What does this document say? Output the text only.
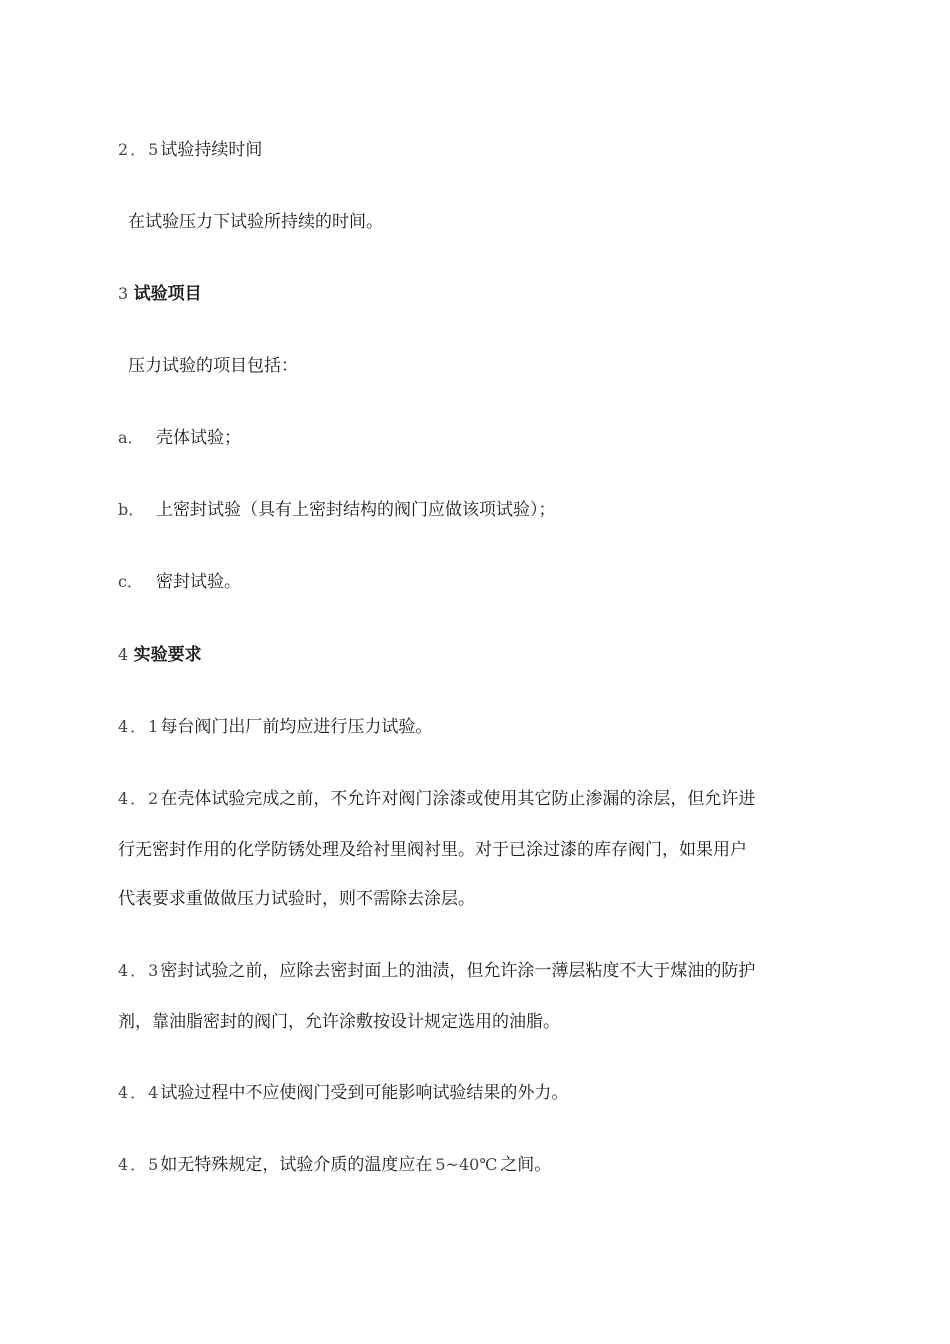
2．5试验持续时间
在试验压力下试验所持续的时间。
3 试验项目
压力试验的项目包括：
a． 壳体试验；
b． 上密封试验（具有上密封结构的阀门应做该项试验）；
c． 密封试验。
4 实验要求
4．1每台阀门出厂前均应进行压力试验。
4．2在壳体试验完成之前，不允许对阀门涂漆或使用其它防止渗漏的涂层，但允许进
行无密封作用的化学防锈处理及给衬里阀衬里。对于已涂过漆的库存阀门，如果用户
代表要求重做做压力试验时，则不需除去涂层。
4．3密封试验之前，应除去密封面上的油渍，但允许涂一薄层粘度不大于煤油的防护
剂，靠油脂密封的阀门，允许涂敷按设计规定选用的油脂。
4．4试验过程中不应使阀门受到可能影响试验结果的外力。
4．5如无特殊规定，试验介质的温度应在 5~40℃ 之间。
